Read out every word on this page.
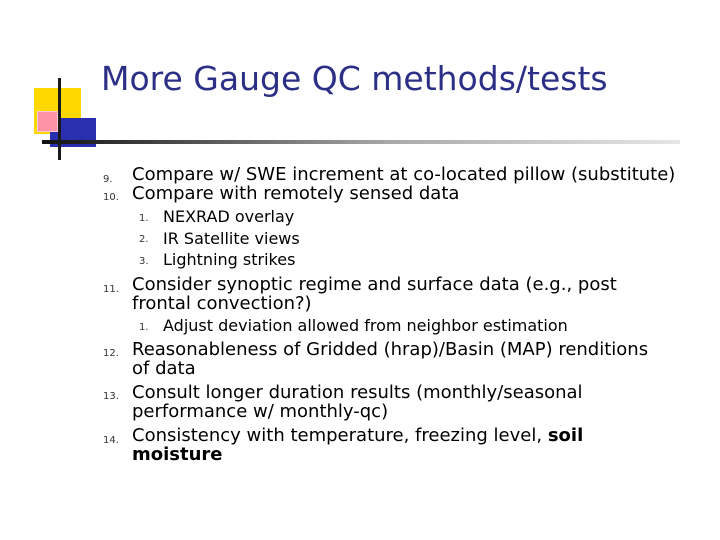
More Gauge QC methods/tests
9. Compare w/ SWE increment at co-located pillow (substitute)
10. Compare with remotely sensed data
1. NEXRAD overlay
2. IR Satellite views
3. Lightning strikes
11. Consider synoptic regime and surface data (e.g., post
frontal convection?)
1. Adjust deviation allowed from neighbor estimation
12. Reasonableness of Gridded (hrap)/Basin (MAP) renditions
of data
13. Consult longer duration results (monthly/seasonal
performance w/ monthly-qc)
14. Consistency with temperature, freezing level, soil
moisture
